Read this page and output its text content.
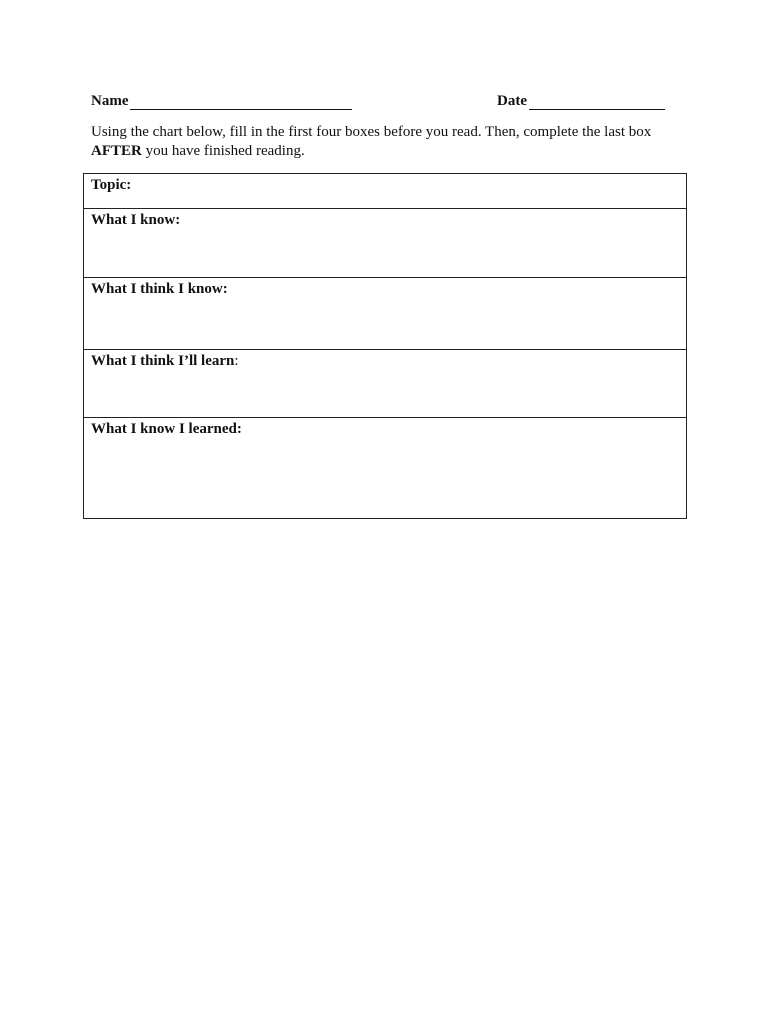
Name	Date
Using the chart below, fill in the first four boxes before you read. Then, complete the last box
AFTER you have finished reading.
Topic:
What I know:
What I think I know:
What I think I’ll learn:
What I know I learned:
